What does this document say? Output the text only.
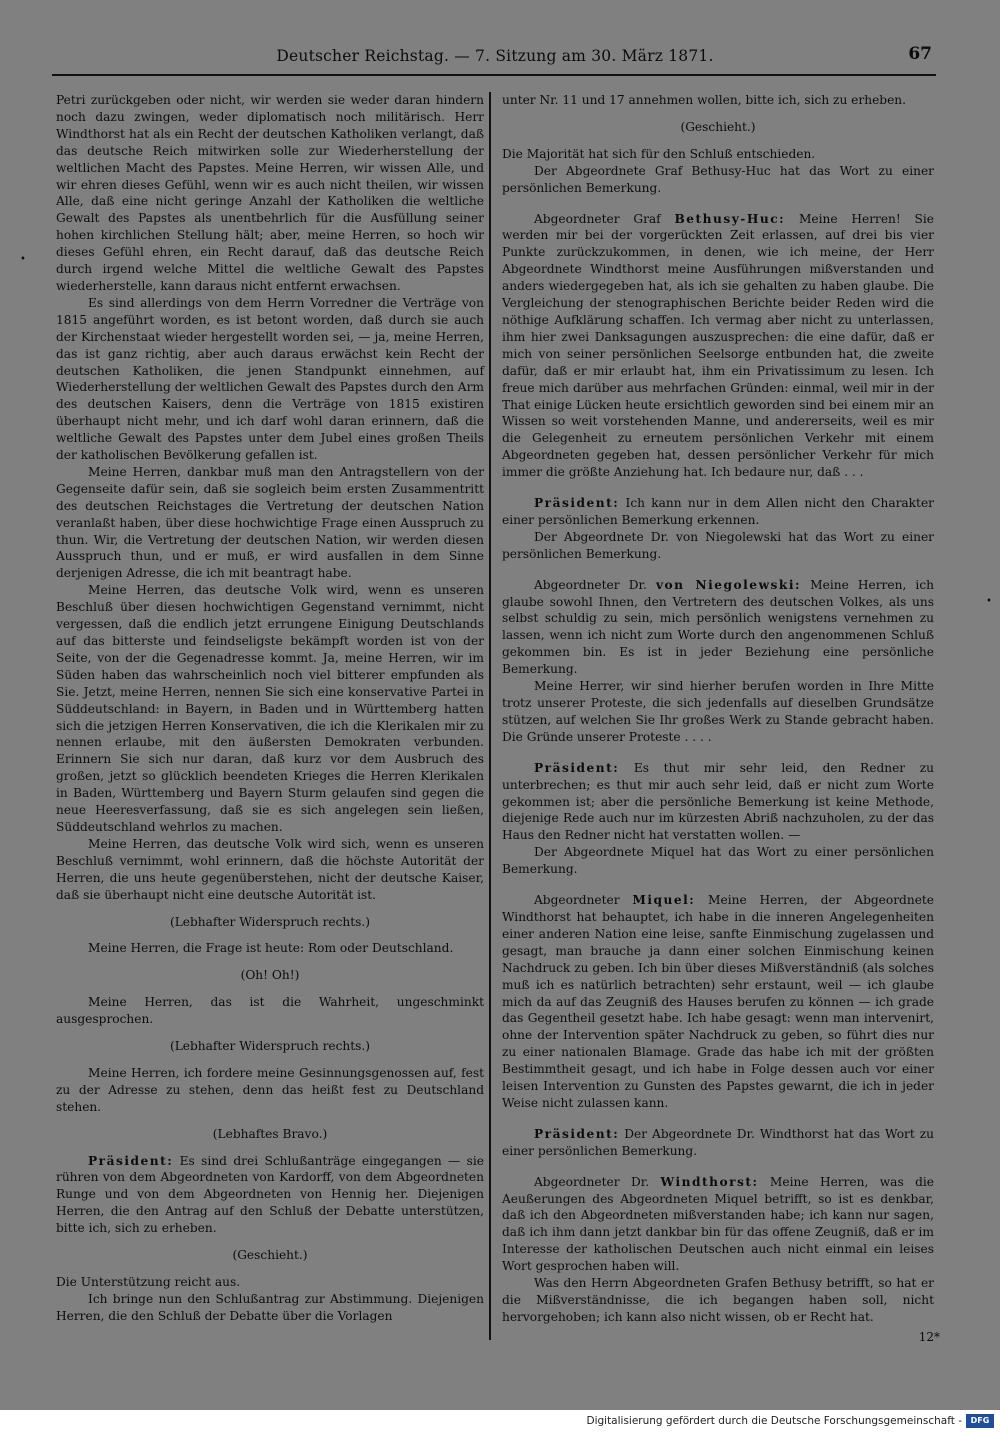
Deutscher Reichstag. — 7. Sitzung am 30. März 1871.	67

Petri zurückgeben oder nicht, wir werden sie weder daran hindern noch dazu zwingen, weder diplomatisch noch militärisch. Herr Windthorst hat als ein Recht der deutschen Katholiken verlangt, daß das deutsche Reich mitwirken solle zur Wiederherstellung der weltlichen Macht des Papstes. Meine Herren, wir wissen Alle, und wir ehren dieses Gefühl, wenn wir es auch nicht theilen, wir wissen Alle, daß eine nicht geringe Anzahl der Katholiken die weltliche Gewalt des Papstes als unentbehrlich für die Ausfüllung seiner hohen kirchlichen Stellung hält; aber, meine Herren, so hoch wir dieses Gefühl ehren, ein Recht darauf, daß das deutsche Reich durch irgend welche Mittel die weltliche Gewalt des Papstes wiederherstelle, kann daraus nicht entfernt erwachsen.

Es sind allerdings von dem Herrn Vorredner die Verträge von 1815 angeführt worden, es ist betont worden, daß durch sie auch der Kirchenstaat wieder hergestellt worden sei, — ja, meine Herren, das ist ganz richtig, aber auch daraus erwächst kein Recht der deutschen Katholiken, die jenen Standpunkt einnehmen, auf Wiederherstellung der weltlichen Gewalt des Papstes durch den Arm des deutschen Kaisers, denn die Verträge von 1815 existiren überhaupt nicht mehr, und ich darf wohl daran erinnern, daß die weltliche Gewalt des Papstes unter dem Jubel eines großen Theils der katholischen Bevölkerung gefallen ist.

Meine Herren, dankbar muß man den Antragstellern von der Gegenseite dafür sein, daß sie sogleich beim ersten Zusammentritt des deutschen Reichstages die Vertretung der deutschen Nation veranlaßt haben, über diese hochwichtige Frage einen Ausspruch zu thun. Wir, die Vertretung der deutschen Nation, wir werden diesen Ausspruch thun, und er muß, er wird ausfallen in dem Sinne derjenigen Adresse, die ich mit beantragt habe.

Meine Herren, das deutsche Volk wird, wenn es unseren Beschluß über diesen hochwichtigen Gegenstand vernimmt, nicht vergessen, daß die endlich jetzt errungene Einigung Deutschlands auf das bitterste und feindseligste bekämpft worden ist von der Seite, von der die Gegenadresse kommt. Ja, meine Herren, wir im Süden haben das wahrscheinlich noch viel bitterer empfunden als Sie. Jetzt, meine Herren, nennen Sie sich eine konservative Partei in Süddeutschland: in Bayern, in Baden und in Württemberg hatten sich die jetzigen Herren Konservativen, die ich die Klerikalen mir zu nennen erlaube, mit den äußersten Demokraten verbunden. Erinnern Sie sich nur daran, daß kurz vor dem Ausbruch des großen, jetzt so glücklich beendeten Krieges die Herren Klerikalen in Baden, Württemberg und Bayern Sturm gelaufen sind gegen die neue Heeresverfassung, daß sie es sich angelegen sein ließen, Süddeutschland wehrlos zu machen.

Meine Herren, das deutsche Volk wird sich, wenn es unseren Beschluß vernimmt, wohl erinnern, daß die höchste Autorität der Herren, die uns heute gegenüberstehen, nicht der deutsche Kaiser, daß sie überhaupt nicht eine deutsche Autorität ist.

(Lebhafter Widerspruch rechts.)

Meine Herren, die Frage ist heute: Rom oder Deutschland.

(Oh! Oh!)

Meine Herren, das ist die Wahrheit, ungeschminkt ausgesprochen.

(Lebhafter Widerspruch rechts.)

Meine Herren, ich fordere meine Gesinnungsgenossen auf, fest zu der Adresse zu stehen, denn das heißt fest zu Deutschland stehen.

(Lebhaftes Bravo.)

Präsident: Es sind drei Schlußanträge eingegangen — sie rühren von dem Abgeordneten von Kardorff, von dem Abgeordneten Runge und von dem Abgeordneten von Hennig her. Diejenigen Herren, die den Antrag auf den Schluß der Debatte unterstützen, bitte ich, sich zu erheben.

(Geschieht.)

Die Unterstützung reicht aus.

Ich bringe nun den Schlußantrag zur Abstimmung. Diejenigen Herren, die den Schluß der Debatte über die Vorlagen

unter Nr. 11 und 17 annehmen wollen, bitte ich, sich zu erheben.

(Geschieht.)

Die Majorität hat sich für den Schluß entschieden.

Der Abgeordnete Graf Bethusy-Huc hat das Wort zu einer persönlichen Bemerkung.

Abgeordneter Graf Bethusy-Huc: Meine Herren! Sie werden mir bei der vorgerückten Zeit erlassen, auf drei bis vier Punkte zurückzukommen, in denen, wie ich meine, der Herr Abgeordnete Windthorst meine Ausführungen mißverstanden und anders wiedergegeben hat, als ich sie gehalten zu haben glaube. Die Vergleichung der stenographischen Berichte beider Reden wird die nöthige Aufklärung schaffen. Ich vermag aber nicht zu unterlassen, ihm hier zwei Danksagungen auszusprechen: die eine dafür, daß er mich von seiner persönlichen Seelsorge entbunden hat, die zweite dafür, daß er mir erlaubt hat, ihm ein Privatissimum zu lesen. Ich freue mich darüber aus mehrfachen Gründen: einmal, weil mir in der That einige Lücken heute ersichtlich geworden sind bei einem mir an Wissen so weit vorstehenden Manne, und andererseits, weil es mir die Gelegenheit zu erneutem persönlichen Verkehr mit einem Abgeordneten gegeben hat, dessen persönlicher Verkehr für mich immer die größte Anziehung hat. Ich bedaure nur, daß . . .

Präsident: Ich kann nur in dem Allen nicht den Charakter einer persönlichen Bemerkung erkennen.

Der Abgeordnete Dr. von Niegolewski hat das Wort zu einer persönlichen Bemerkung.

Abgeordneter Dr. von Niegolewski: Meine Herren, ich glaube sowohl Ihnen, den Vertretern des deutschen Volkes, als uns selbst schuldig zu sein, mich persönlich wenigstens vernehmen zu lassen, wenn ich nicht zum Worte durch den angenommenen Schluß gekommen bin. Es ist in jeder Beziehung eine persönliche Bemerkung.

Meine Herrer, wir sind hierher berufen worden in Ihre Mitte trotz unserer Proteste, die sich jedenfalls auf dieselben Grundsätze stützen, auf welchen Sie Ihr großes Werk zu Stande gebracht haben. Die Gründe unserer Proteste . . . .

Präsident: Es thut mir sehr leid, den Redner zu unterbrechen; es thut mir auch sehr leid, daß er nicht zum Worte gekommen ist; aber die persönliche Bemerkung ist keine Methode, diejenige Rede auch nur im kürzesten Abriß nachzuholen, zu der das Haus den Redner nicht hat verstatten wollen. —

Der Abgeordnete Miquel hat das Wort zu einer persönlichen Bemerkung.

Abgeordneter Miquel: Meine Herren, der Abgeordnete Windthorst hat behauptet, ich habe in die inneren Angelegenheiten einer anderen Nation eine leise, sanfte Einmischung zugelassen und gesagt, man brauche ja dann einer solchen Einmischung keinen Nachdruck zu geben. Ich bin über dieses Mißverständniß (als solches muß ich es natürlich betrachten) sehr erstaunt, weil — ich glaube mich da auf das Zeugniß des Hauses berufen zu können — ich grade das Gegentheil gesetzt habe. Ich habe gesagt: wenn man intervenirt, ohne der Intervention später Nachdruck zu geben, so führt dies nur zu einer nationalen Blamage. Grade das habe ich mit der größten Bestimmtheit gesagt, und ich habe in Folge dessen auch vor einer leisen Intervention zu Gunsten des Papstes gewarnt, die ich in jeder Weise nicht zulassen kann.

Präsident: Der Abgeordnete Dr. Windthorst hat das Wort zu einer persönlichen Bemerkung.

Abgeordneter Dr. Windthorst: Meine Herren, was die Aeußerungen des Abgeordneten Miquel betrifft, so ist es denkbar, daß ich den Abgeordneten mißverstanden habe; ich kann nur sagen, daß ich ihm dann jetzt dankbar bin für das offene Zeugniß, daß er im Interesse der katholischen Deutschen auch nicht einmal ein leises Wort gesprochen haben will.

Was den Herrn Abgeordneten Grafen Bethusy betrifft, so hat er die Mißverständnisse, die ich begangen haben soll, nicht hervorgehoben; ich kann also nicht wissen, ob er Recht hat.

12*
•
•
Digitalisierung gefördert durch die Deutsche Forschungsgemeinschaft -	DFG
